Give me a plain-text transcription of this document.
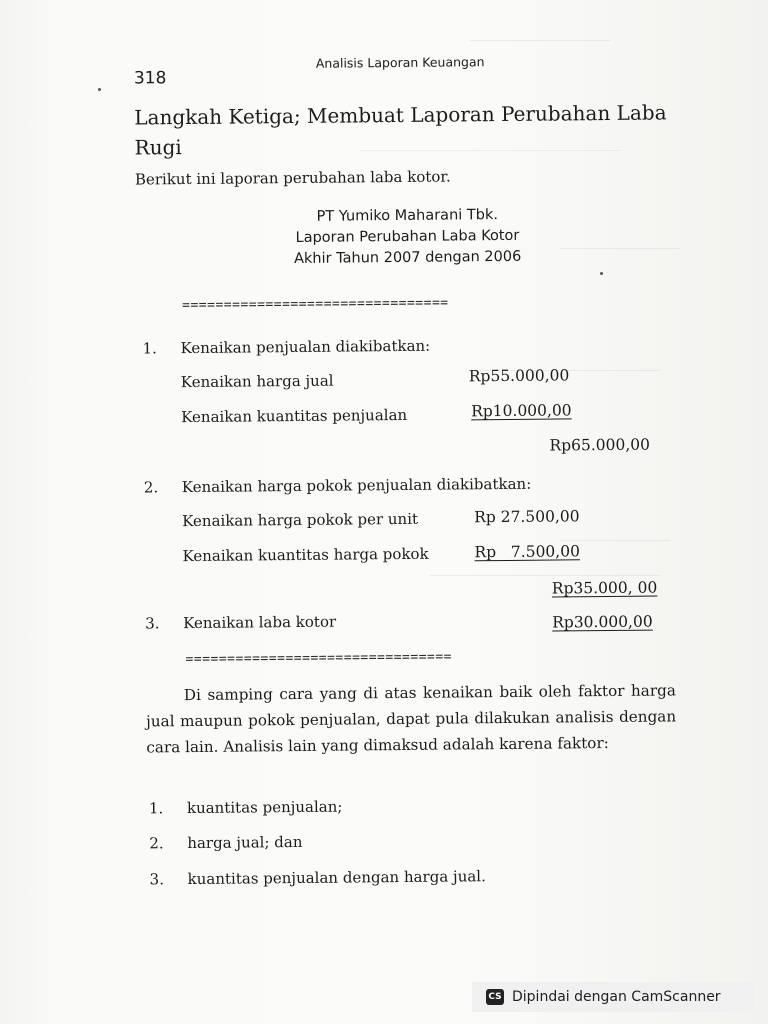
318
Analisis Laporan Keuangan
Langkah Ketiga; Membuat Laporan Perubahan Laba
Rugi
Berikut ini laporan perubahan laba kotor.
PT Yumiko Maharani Tbk.
Laporan Perubahan Laba Kotor
Akhir Tahun 2007 dengan 2006
================================
1. Kenaikan penjualan diakibatkan:
Kenaikan harga jual	Rp55.000,00
Kenaikan kuantitas penjualan	Rp10.000,00
Rp65.000,00
2. Kenaikan harga pokok penjualan diakibatkan:
Kenaikan harga pokok per unit	Rp 27.500,00
Kenaikan kuantitas harga pokok	Rp   7.500,00
Rp35.000, 00
3. Kenaikan laba kotor	Rp30.000,00
================================

Di samping cara yang di atas kenaikan baik oleh faktor harga jual maupun pokok penjualan, dapat pula dilakukan analisis dengan cara lain. Analisis lain yang dimaksud adalah karena faktor:

1. kuantitas penjualan;
2. harga jual; dan
3. kuantitas penjualan dengan harga jual.
CS Dipindai dengan CamScanner
